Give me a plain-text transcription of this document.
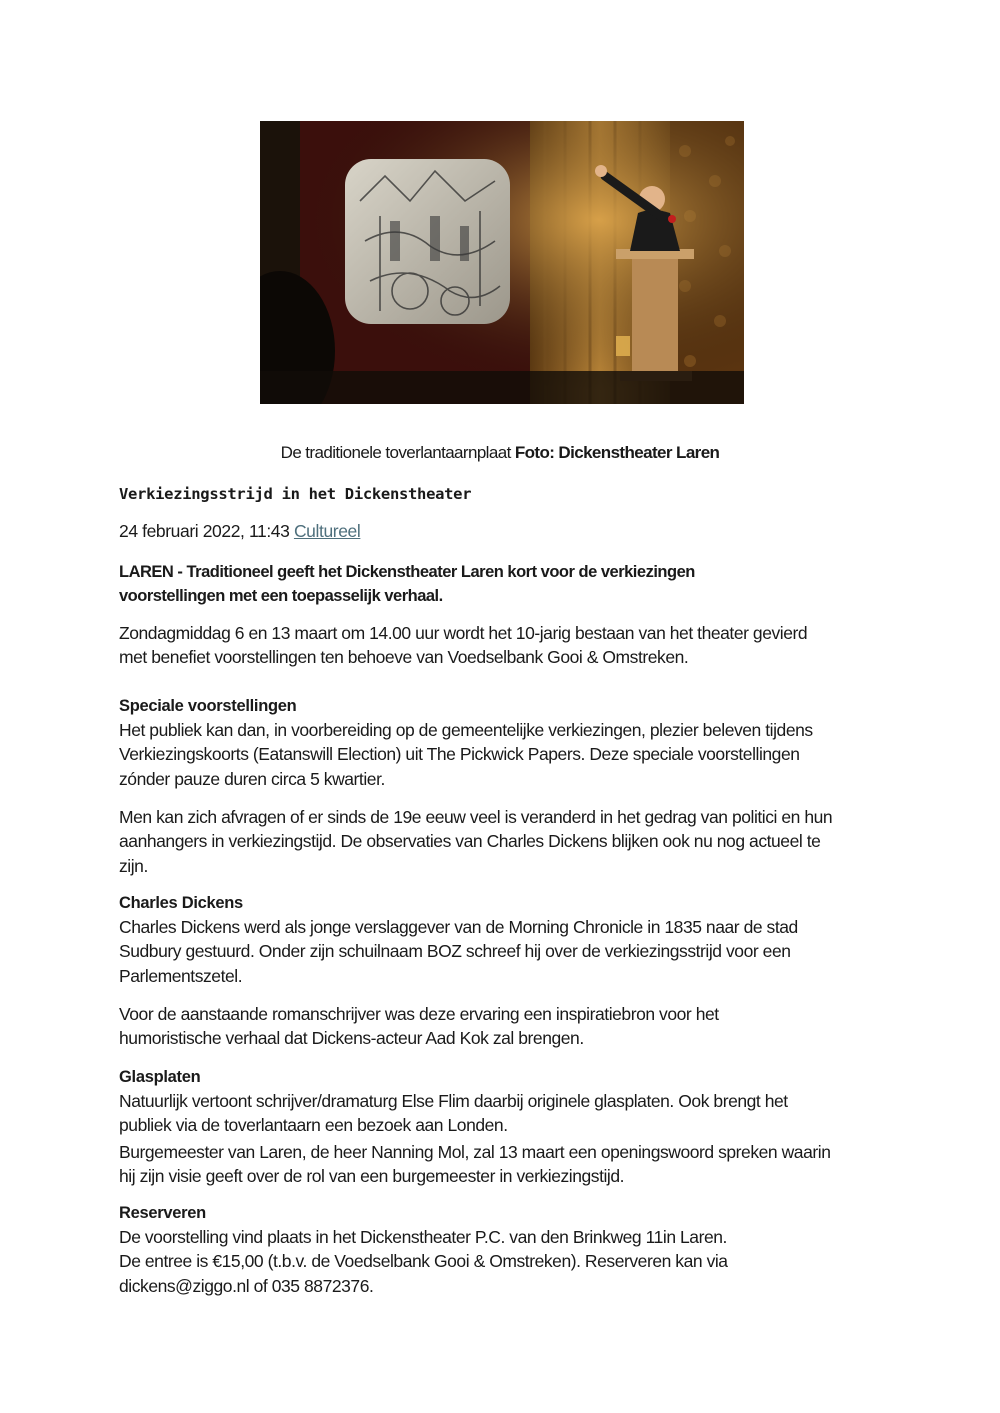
De traditionele toverlantaarnplaat Foto: Dickenstheater Laren
Verkiezingsstrijd in het Dickenstheater
24 februari 2022, 11:43 Cultureel
LAREN - Traditioneel geeft het Dickenstheater Laren kort voor de verkiezingen
voorstellingen met een toepasselijk verhaal.
Zondagmiddag 6 en 13 maart om 14.00 uur wordt het 10-jarig bestaan van het theater gevierd
met benefiet voorstellingen ten behoeve van Voedselbank Gooi & Omstreken.
Speciale voorstellingen
Het publiek kan dan, in voorbereiding op de gemeentelijke verkiezingen, plezier beleven tijdens
Verkiezingskoorts (Eatanswill Election) uit The Pickwick Papers. Deze speciale voorstellingen
zónder pauze duren circa 5 kwartier.
Men kan zich afvragen of er sinds de 19e eeuw veel is veranderd in het gedrag van politici en hun
aanhangers in verkiezingstijd. De observaties van Charles Dickens blijken ook nu nog actueel te
zijn.
Charles Dickens
Charles Dickens werd als jonge verslaggever van de Morning Chronicle in 1835 naar de stad
Sudbury gestuurd. Onder zijn schuilnaam BOZ schreef hij over de verkiezingsstrijd voor een
Parlementszetel.
Voor de aanstaande romanschrijver was deze ervaring een inspiratiebron voor het
humoristische verhaal dat Dickens-acteur Aad Kok zal brengen.
Glasplaten
Natuurlijk vertoont schrijver/dramaturg Else Flim daarbij originele glasplaten. Ook brengt het
publiek via de toverlantaarn een bezoek aan Londen.
Burgemeester van Laren, de heer Nanning Mol, zal 13 maart een openingswoord spreken waarin
hij zijn visie geeft over de rol van een burgemeester in verkiezingstijd.
Reserveren
De voorstelling vind plaats in het Dickenstheater P.C. van den Brinkweg 11in Laren.
De entree is €15,00 (t.b.v. de Voedselbank Gooi & Omstreken). Reserveren kan via
dickens@ziggo.nl of 035 8872376.
